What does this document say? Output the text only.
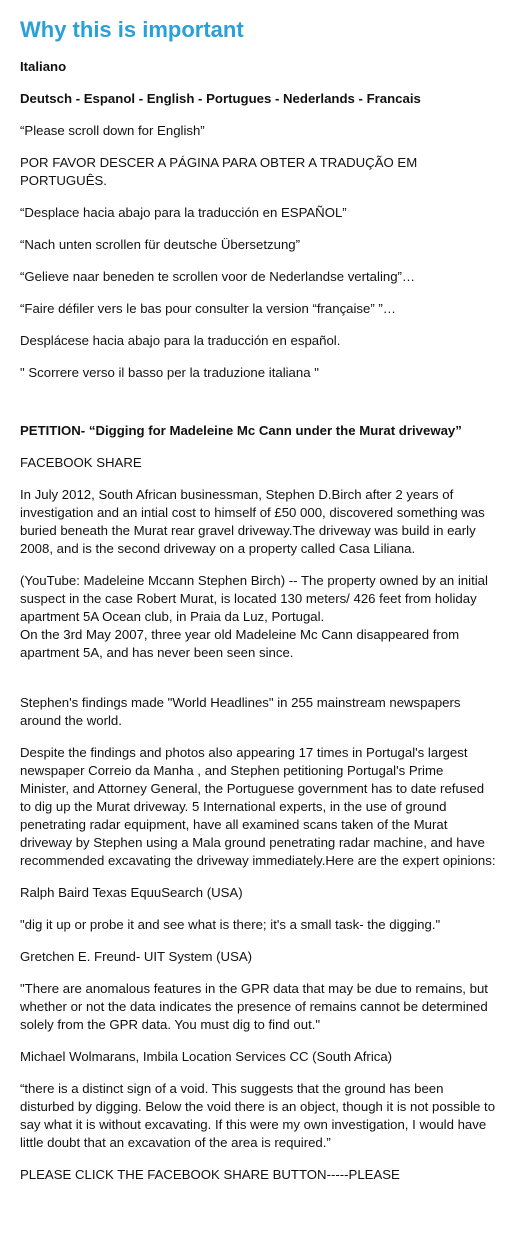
Why this is important

Italiano

Deutsch - Espanol - English - Portugues - Nederlands - Francais

“Please scroll down for English”

POR FAVOR DESCER A PÁGINA PARA OBTER A TRADUÇÃO EM PORTUGUÊS.

“Desplace hacia abajo para la traducción en ESPAÑOL”

“Nach unten scrollen für deutsche Übersetzung”

“Gelieve naar beneden te scrollen voor de Nederlandse vertaling”…

“Faire défiler vers le bas pour consulter la version “française” ”…

Desplácese hacia abajo para la traducción en español.

" Scorrere verso il basso per la traduzione italiana "

PETITION- “Digging for Madeleine Mc Cann under the Murat driveway”

FACEBOOK SHARE

In July 2012, South African businessman, Stephen D.Birch after 2 years of investigation and an intial cost to himself of £50 000, discovered something was buried beneath the Murat rear gravel driveway.The driveway was build in early 2008, and is the second driveway on a property called Casa Liliana.

(YouTube: Madeleine Mccann Stephen Birch) -- The property owned by an initial suspect in the case Robert Murat, is located 130 meters/ 426 feet from holiday apartment 5A Ocean club, in Praia da Luz, Portugal.

On the 3rd May 2007, three year old Madeleine Mc Cann disappeared from apartment 5A, and has never been seen since.

Stephen's findings made "World Headlines" in 255 mainstream newspapers around the world.

Despite the findings and photos also appearing 17 times in Portugal's largest newspaper Correio da Manha , and Stephen petitioning Portugal's Prime Minister, and Attorney General, the Portuguese government has to date refused to dig up the Murat driveway. 5 International experts, in the use of ground penetrating radar equipment, have all examined scans taken of the Murat driveway by Stephen using a Mala ground penetrating radar machine, and have recommended excavating the driveway immediately.Here are the expert opinions:

Ralph Baird Texas EquuSearch (USA)

"dig it up or probe it and see what is there; it's a small task- the digging."

Gretchen E. Freund- UIT System (USA)

"There are anomalous features in the GPR data that may be due to remains, but whether or not the data indicates the presence of remains cannot be determined solely from the GPR data. You must dig to find out."

Michael Wolmarans, Imbila Location Services CC (South Africa)

“there is a distinct sign of a void. This suggests that the ground has been disturbed by digging. Below the void there is an object, though it is not possible to say what it is without excavating. If this were my own investigation, I would have little doubt that an excavation of the area is required.”

PLEASE CLICK THE FACEBOOK SHARE BUTTON-----PLEASE
